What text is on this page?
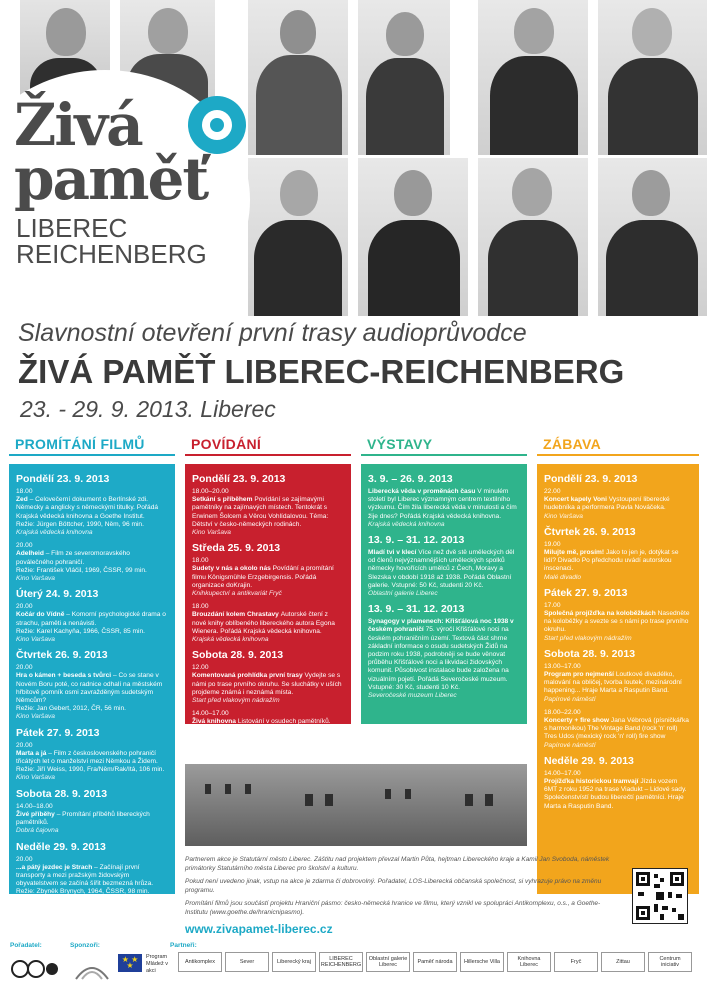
Živá
paměť
LIBEREC
REICHENBERG
Slavnostní otevření první trasy audioprůvodce
ŽIVÁ PAMĚŤ LIBEREC-REICHENBERG
23. - 29. 9. 2013. Liberec
PROMÍTÁNÍ FILMŮ
Pondělí 23. 9. 2013
18.00
Zed – Celovečerní dokument o Berlínské zdi. Německy a anglicky s německými titulky. Pořádá Krajská vědecká knihovna a Goethe Institut.

Režie: Jürgen Böttcher, 1990, Něm, 96 min.
Krajská vědecká knihovna
20.00
Adelheid – Film ze severomoravského poválečného pohraničí.

Režie: František Vláčil, 1969, ČSSR, 99 min.
Kino Varšava
Úterý 24. 9. 2013
20.00
Kočár do Vídně – Komorní psychologické drama o strachu, paměti a nenávisti.

Režie: Karel Kachyňa, 1966, ČSSR, 85 min.
Kino Varšava
Čtvrtek 26. 9. 2013
20.00
Hra o kámen + beseda s tvůrci – Co se stane v Novém Boru poté, co radnice odhalí na městském hřbitově pomník osmi zavražděným sudetským Němcům?

Režie: Jan Gebert, 2012, ČR, 56 min.
Kino Varšava
Pátek 27. 9. 2013
20.00
Marta a já – Film z československého pohraničí třicátých let o manželství mezi Němkou a Židem.

Režie: Jiří Weiss, 1990, Fra/Něm/Rak/Itá, 106 min.
Kino Varšava
Sobota 28. 9. 2013
14.00–18.00
Živé příběhy – Promítání příběhů libereckých pamětníků.

Dobrá čajovna
Neděle 29. 9. 2013
20.00
...a pátý jezdec je Strach – Začínají první transporty a mezi pražským židovským obyvatelstvem se začíná šířit bezmezná hrůza.

Režie: Zbyněk Brynych, 1964, ČSSR, 98 min.
Kino Varšava
POVÍDÁNÍ
Pondělí 23. 9. 2013
18.00–20.00
Setkání s příběhem Povídání se zajímavými pamětníky na zajímavých místech. Tentokrát s Erwinem Šolcem a Věrou Vohlídalovou. Téma: Dětství v česko-německých rodinách.

Kino Varšava
Středa 25. 9. 2013
18.00
Sudety v nás a okolo nás Povídání a promítání filmu Königsmühle Erzgebirgensis. Pořádá organizace doKrajin.

Knihkupectví a antikvariát Fryč
18.00
Brouzdání kolem Chrastavy Autorské čtení z nové knihy oblíbeného libereckého autora Egona Wienera. Pořádá Krajská vědecká knihovna.

Krajská vědecká knihovna
Sobota 28. 9. 2013
12.00
Komentovaná prohlídka první trasy Vydejte se s námi po trase prvního okruhu. Se sluchátky v uších projdeme známá i neznámá místa.

Start před vlakovým nádražím
14.00–17.00
Živá knihovna Listování v osudech pamětníků. Netradiční exkurz do vzpomínek skutečných lidí.

Papírové náměstí
VÝSTAVY
3. 9. – 26. 9. 2013
Liberecká věda v proměnách času V minulém století byl Liberec významným centrem textilního výzkumu. Čím žila liberecká věda v minulosti a čím žije dnes? Pořádá Krajská vědecká knihovna.

Krajská vědecká knihovna
13. 9. – 31. 12. 2013
Mladí tvi v klecí Více než dvě stě uměleckých děl od členů nejvýznamnějších uměleckých spolků německy hovořících umělců z Čech, Moravy a Slezska v období 1918 až 1938. Pořádá Oblastní galerie. Vstupné: 50 Kč, studenti 20 Kč.

Oblastní galerie Liberec
13. 9. – 31. 12. 2013
Synagogy v plamenech: Křišťálová noc 1938 v českém pohraničí 75. výročí Křišťálové noci na českém pohraničním území. Textová část shrne základní informace o osudu sudetských Židů na podzim roku 1938, podrobněji se bude věnovat průběhu Křišťálové noci a likvidaci židovských komunit. Působivost instalace bude založena na vizuálním pojetí. Pořádá Severočeské muzeum. Vstupné: 30 Kč, studenti 10 Kč.

Severočeské muzeum Liberec
ZÁBAVA
Pondělí 23. 9. 2013
22.00
Koncert kapely Voni Vystoupení liberecké hudebníka a performera Pavla Nováčeka.

Kino Varšava
Čtvrtek 26. 9. 2013
19.00
Milujte mě, prosím! Jako to jen je, dotýkat se lidí? Divadlo Po předchodu uvádí autorskou inscenaci.

Malé divadlo
Pátek 27. 9. 2013
17.00
Společná projížďka na koloběžkách Nasedněte na koloběžky a svezte se s námi po trase prvního okruhu.

Start před vlakovým nádražím
Sobota 28. 9. 2013
13.00–17.00
Program pro nejmenší Loutkové divadélko, malování na obličej, tvorba loutek, mezinárodní happening... Hraje Marta a Rasputin Band.

Papírové náměstí
18.00–22.00
Koncerty + fire show Jana Vébrová (písničkářka s harmonikou) The Vintage Band (rock 'n' roll) Tres Udos (mexický rock 'n' roll) fire show

Papírové náměstí
Neděle 29. 9. 2013
14.00–17.00
Projížďka historickou tramvají Jízda vozem 6MT z roku 1952 na trase Viadukt – Lidové sady. Společenstvístí budou liberečtí pamětníci. Hraje Marta a Rasputin Band.

Partnerem akce je Statutární město Liberec. Záštitu nad projektem převzal Martin Půta, hejtman Libereckého kraje a Kamil Jan Svoboda, náměstek primátorky Statutárního města Liberec pro školství a kulturu.
Pokud není uvedeno jinak, vstup na akce je zdarma či dobrovolný. Pořadatel, LOS-Liberecká občanská společnost, si vyhrazuje právo na změnu programu.
Promítání filmů jsou součástí projektu Hraniční pásmo: česko-německá hranice ve filmu, který vznikl ve spolupráci Antikomplexu, o.s., a Goethe-Institutu (www.goethe.de/hranicnipasmo).
www.zivapamet-liberec.cz
Pořadatel:	Sponzoři:	Partneři:
★ ★ ★
Program Mládež v akci
Antikomplex	Sever	Liberecký kraj	LIBEREC REICHENBERG
Oblastní galerie Liberec	Paměť národa	Hillersche Villa	Knihovna Liberec	Fryč	Zittau	Centrum iniciativ
